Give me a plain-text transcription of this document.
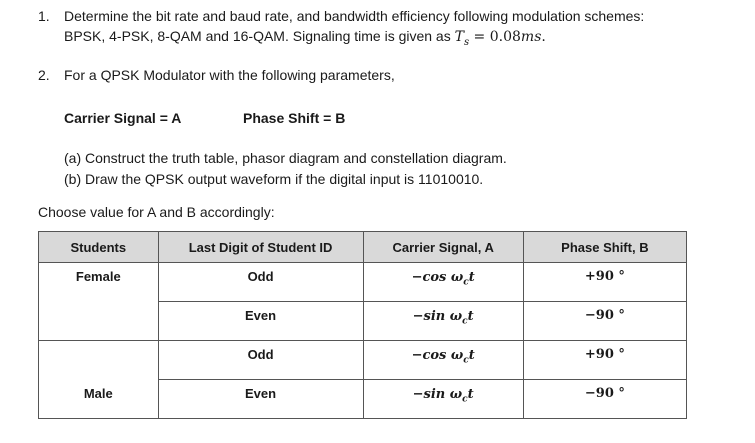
1. Determine the bit rate and baud rate, and bandwidth efficiency following modulation schemes:
BPSK, 4-PSK, 8-QAM and 16-QAM. Signaling time is given as $T_s = 0.08ms$.
2. For a QPSK Modulator with the following parameters,
Carrier Signal = A	Phase Shift = B
(a) Construct the truth table, phasor diagram and constellation diagram.
(b) Draw the QPSK output waveform if the digital input is 11010010.
Choose value for A and B accordingly:
Students	Last Digit of Student ID	Carrier Signal, A	Phase Shift, B
Female	Odd	−cos $\omega_ct$	+90 °
	Even	−sin $\omega_ct$	−90 °
	Odd	−cos $\omega_ct$	+90 °
Male	Even	−sin $\omega_ct$	−90 °
